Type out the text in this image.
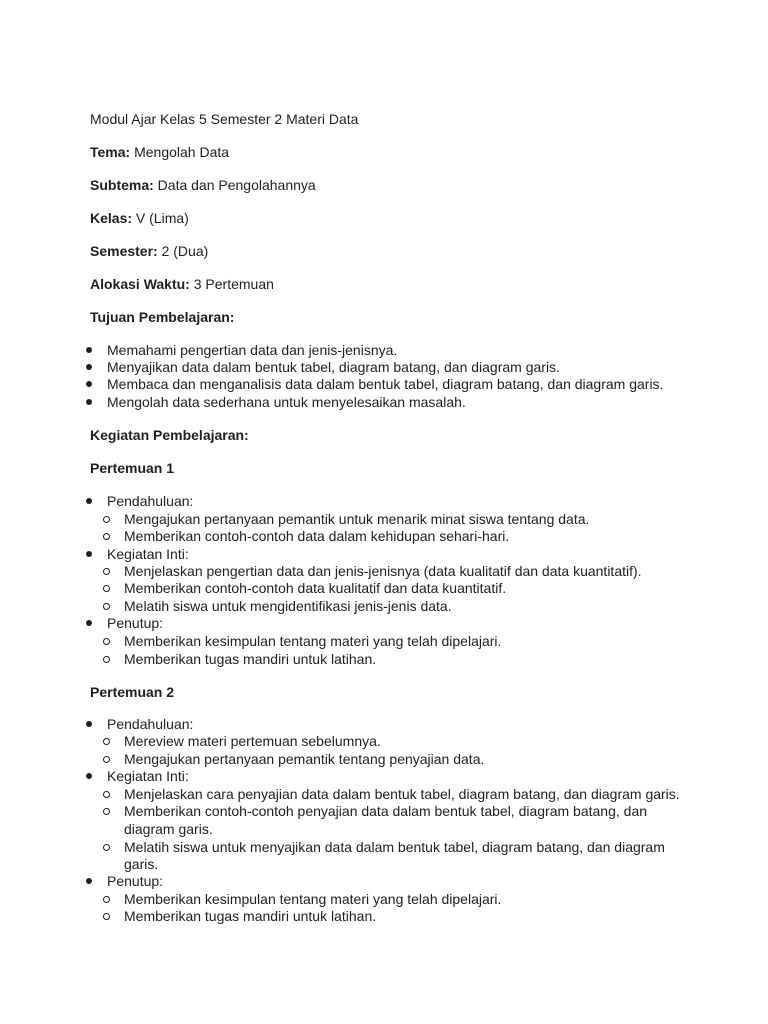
Modul Ajar Kelas 5 Semester 2 Materi Data
Tema: Mengolah Data
Subtema: Data dan Pengolahannya
Kelas: V (Lima)
Semester: 2 (Dua)
Alokasi Waktu: 3 Pertemuan
Tujuan Pembelajaran:
Memahami pengertian data dan jenis-jenisnya.
Menyajikan data dalam bentuk tabel, diagram batang, dan diagram garis.
Membaca dan menganalisis data dalam bentuk tabel, diagram batang, dan diagram garis.
Mengolah data sederhana untuk menyelesaikan masalah.
Kegiatan Pembelajaran:
Pertemuan 1
Pendahuluan:
Mengajukan pertanyaan pemantik untuk menarik minat siswa tentang data.
Memberikan contoh-contoh data dalam kehidupan sehari-hari.
Kegiatan Inti:
Menjelaskan pengertian data dan jenis-jenisnya (data kualitatif dan data kuantitatif).
Memberikan contoh-contoh data kualitatif dan data kuantitatif.
Melatih siswa untuk mengidentifikasi jenis-jenis data.
Penutup:
Memberikan kesimpulan tentang materi yang telah dipelajari.
Memberikan tugas mandiri untuk latihan.
Pertemuan 2
Pendahuluan:
Mereview materi pertemuan sebelumnya.
Mengajukan pertanyaan pemantik tentang penyajian data.
Kegiatan Inti:
Menjelaskan cara penyajian data dalam bentuk tabel, diagram batang, dan diagram garis.
Memberikan contoh-contoh penyajian data dalam bentuk tabel, diagram batang, dan
diagram garis.
Melatih siswa untuk menyajikan data dalam bentuk tabel, diagram batang, dan diagram
garis.
Penutup:
Memberikan kesimpulan tentang materi yang telah dipelajari.
Memberikan tugas mandiri untuk latihan.
